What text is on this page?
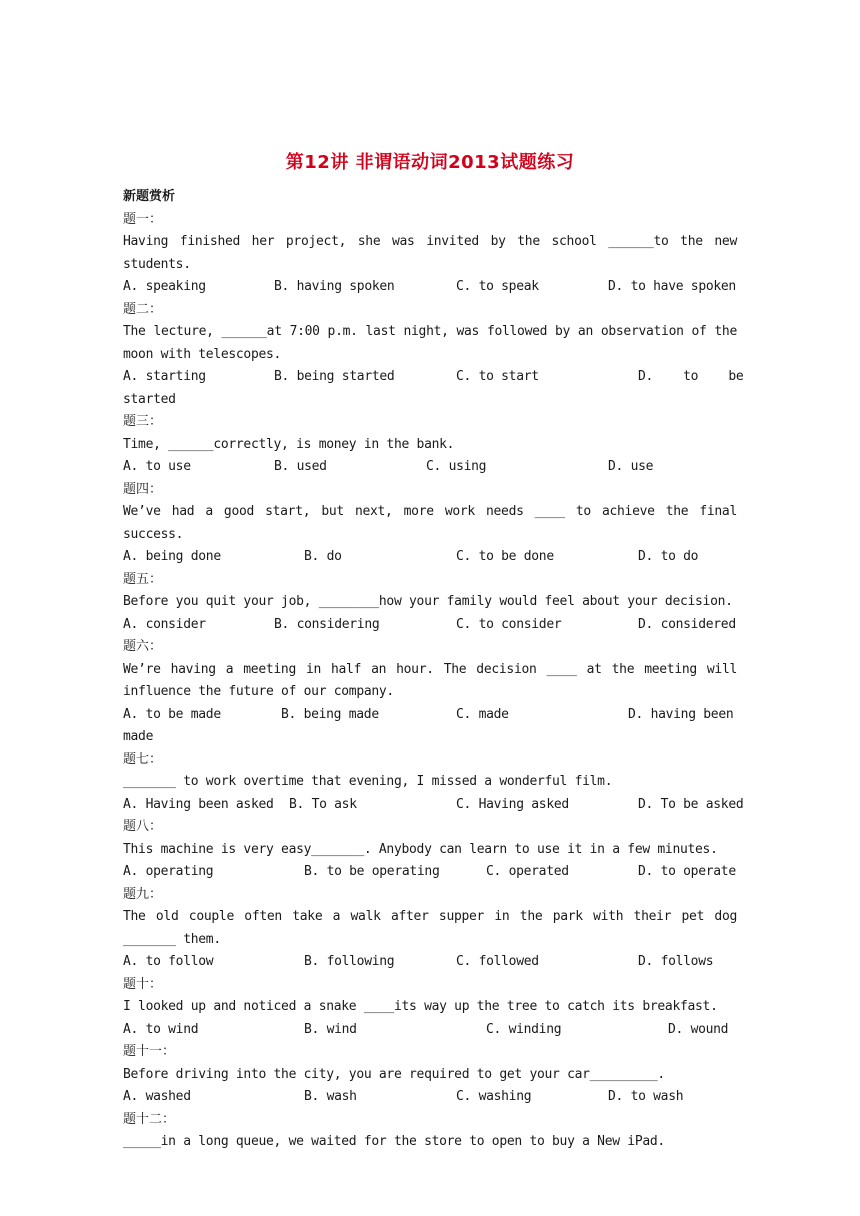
第12讲 非谓语动词2013试题练习
新题赏析
题一：
Having finished her project, she was invited by the school ______to the new students.
A. speaking	B. having spoken	C. to speak	D. to have spoken
题二：
The lecture, ______at 7:00 p.m. last night, was followed by an observation of the moon with telescopes.
A. starting	B. being started	C. to start	D.    to    be
started
题三：
Time, ______correctly, is money in the bank.
A. to use	B. used	C. using	D. use
题四：
We’ve had a good start, but next, more work needs ____ to achieve the final success.
A. being done	B. do	C. to be done	D. to do
题五：
Before you quit your job, ________how your family would feel about your decision.
A. consider	B. considering	C. to consider	D. considered
题六：
We’re having a meeting in half an hour. The decision ____ at the meeting will influence the future of our company.
A. to be made	B. being made	C. made	D. having been
made
题七：
_______ to work overtime that evening, I missed a wonderful film.
A. Having been asked B. To ask	C. Having asked	D. To be asked
题八：
This machine is very easy_______. Anybody can learn to use it in a few minutes.
A. operating	B. to be operating	C. operated	D. to operate
题九：
The old couple often take a walk after supper in the park with their pet dog _______ them.
A. to follow	B. following	C. followed	D. follows
题十：
I looked up and noticed a snake ____its way up the tree to catch its breakfast.
A. to wind	B. wind	C. winding	D. wound
题十一：
Before driving into the city, you are required to get your car_________.
A. washed	B. wash	C. washing	D. to wash
题十二：
_____in a long queue, we waited for the store to open to buy a New iPad.
